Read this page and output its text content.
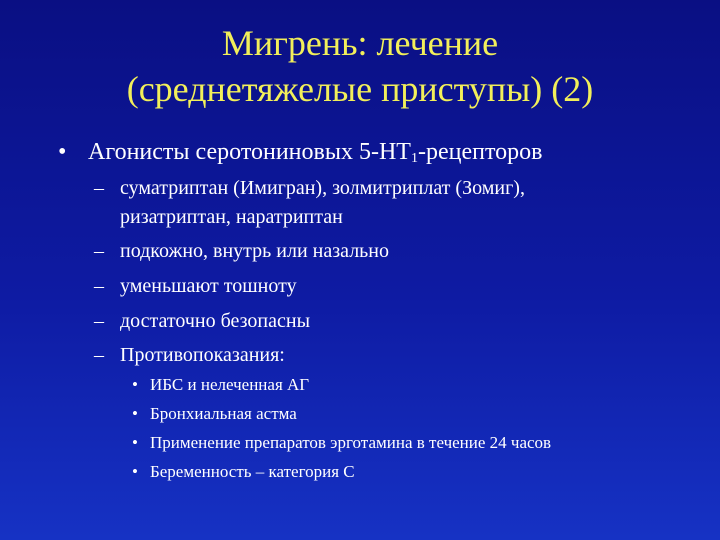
Мигрень: лечение
(среднетяжелые приступы) (2)
• Агонисты серотониновых $5-НТ_1$-рецепторов
– суматриптан (Имигран), золмитриплат (Зомиг),
ризатриптан, наратриптан
– подкожно, внутрь или назально
– уменьшают тошноту
– достаточно безопасны
– Противопоказания:
• ИБС и нелеченная АГ
• Бронхиальная астма
• Применение препаратов эрготамина в течение 24 часов
• Беременность – категория С
